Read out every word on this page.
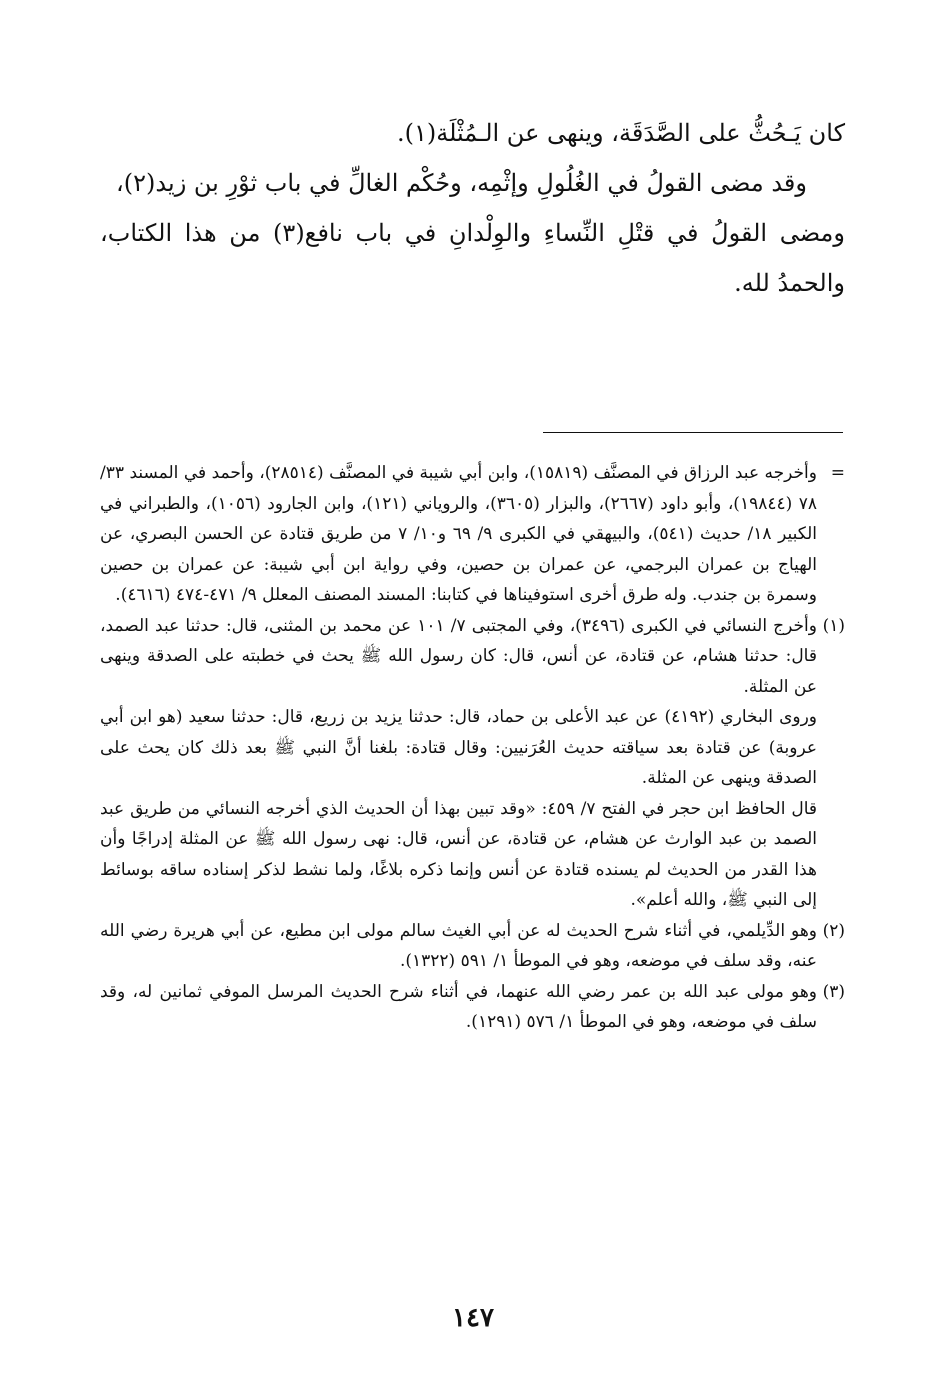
كان يَـحُثُّ على الصَّدَقَة، وينهى عن الـمُثْلَة(١).

وقد مضى القولُ في الغُلُولِ وإثْمِه، وحُكْم الغالِّ في باب ثوْرِ بن زيد(٢)،

ومضى القولُ في قتْلِ النِّساءِ والوِلْدانِ في باب نافع(٣) من هذا الكتاب، والحمدُ لله.

=

وأخرجه عبد الرزاق في المصنَّف (١٥٨١٩)، وابن أبي شيبة في المصنَّف (٢٨٥١٤)، وأحمد في المسند ٣٣/ ٧٨ (١٩٨٤٤)، وأبو داود (٢٦٦٧)، والبزار (٣٦٠٥)، والروياني (١٢١)، وابن الجارود (١٠٥٦)، والطبراني في الكبير ١٨/ حديث (٥٤١)، والبيهقي في الكبرى ٩/ ٦٩ و١٠/ ٧ من طريق قتادة عن الحسن البصري، عن الهياج بن عمران البرجمي، عن عمران بن حصين، وفي رواية ابن أبي شيبة: عن عمران بن حصين وسمرة بن جندب. وله طرق أخرى استوفيناها في كتابنا: المسند المصنف المعلل ٩/ ٤٧١-٤٧٤ (٤٦١٦).

(١)

وأخرج النسائي في الكبرى (٣٤٩٦)، وفي المجتبى ٧/ ١٠١ عن محمد بن المثنى، قال: حدثنا عبد الصمد، قال: حدثنا هشام، عن قتادة، عن أنس، قال: كان رسول الله ﷺ يحث في خطبته على الصدقة وينهى عن المثلة.

وروى البخاري (٤١٩٢) عن عبد الأعلى بن حماد، قال: حدثنا يزيد بن زريع، قال: حدثنا سعيد (هو ابن أبي عروبة) عن قتادة بعد سياقته حديث العُرَنيين: وقال قتادة: بلغنا أنَّ النبي ﷺ بعد ذلك كان يحث على الصدقة وينهى عن المثلة.

قال الحافظ ابن حجر في الفتح ٧/ ٤٥٩: «وقد تبين بهذا أن الحديث الذي أخرجه النسائي من طريق عبد الصمد بن عبد الوارث عن هشام، عن قتادة، عن أنس، قال: نهى رسول الله ﷺ عن المثلة إدراجًا وأن هذا القدر من الحديث لم يسنده قتادة عن أنس وإنما ذكره بلاغًا، ولما نشط لذكر إسناده ساقه بوسائط إلى النبي ﷺ، والله أعلم».

(٢)

وهو الدِّيلمي، في أثناء شرح الحديث له عن أبي الغيث سالم مولى ابن مطيع، عن أبي هريرة رضي الله عنه، وقد سلف في موضعه، وهو في الموطأ ١/ ٥٩١ (١٣٢٢).

(٣)

وهو مولى عبد الله بن عمر رضي الله عنهما، في أثناء شرح الحديث المرسل الموفي ثمانين له، وقد سلف في موضعه، وهو في الموطأ ١/ ٥٧٦ (١٢٩١).

١٤٧
